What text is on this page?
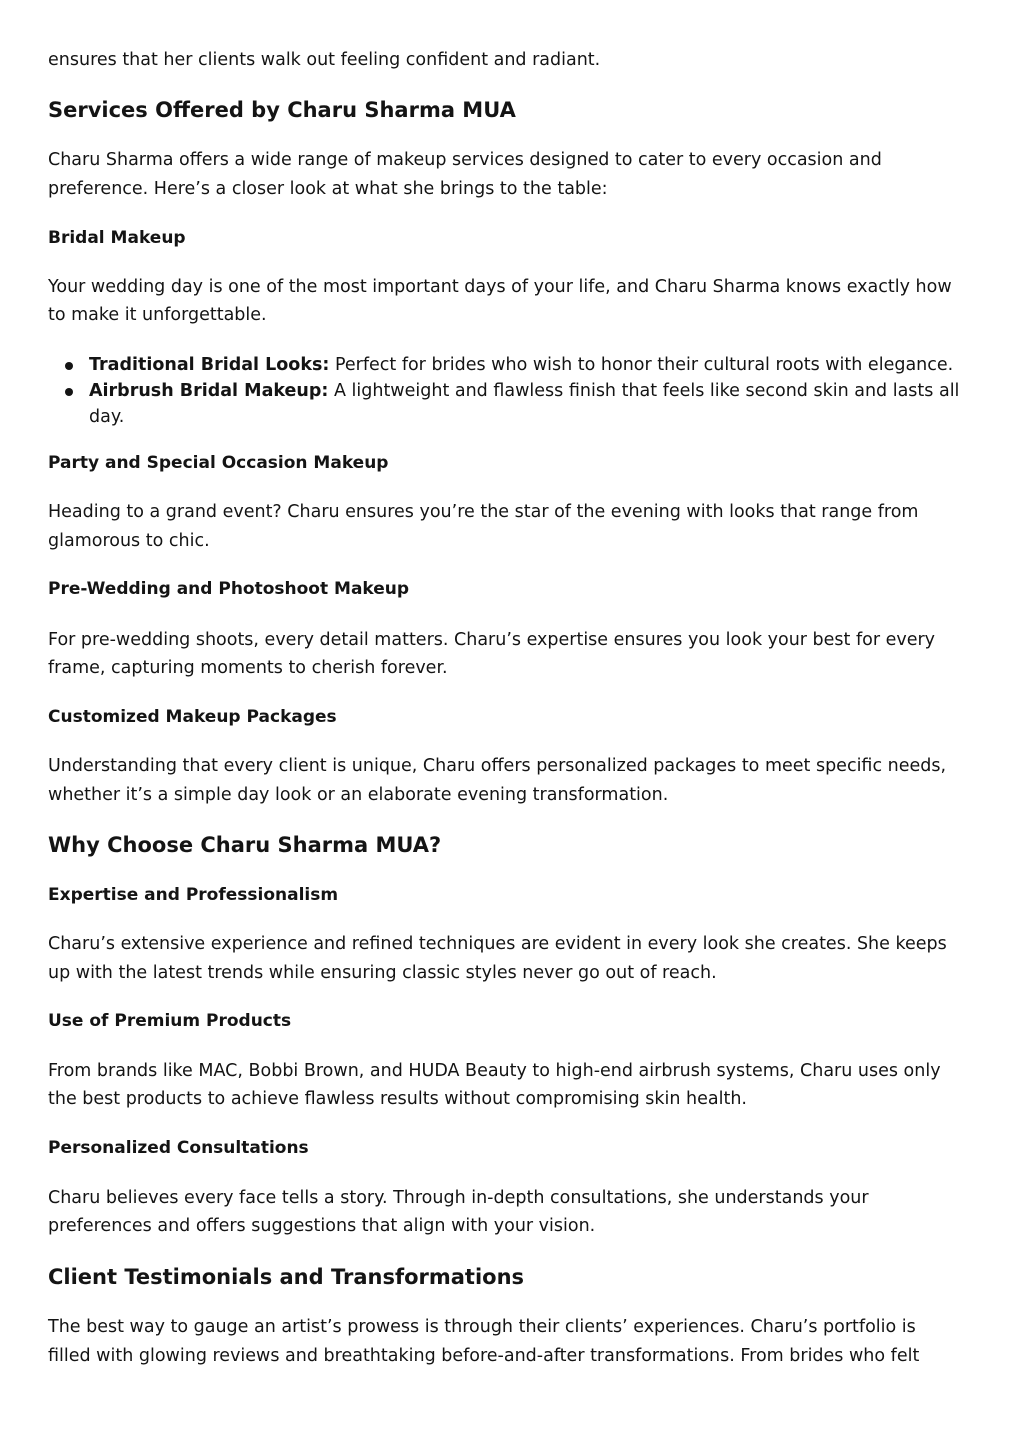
ensures that her clients walk out feeling confident and radiant.

Services Offered by Charu Sharma MUA

Charu Sharma offers a wide range of makeup services designed to cater to every occasion and

preference. Here’s a closer look at what she brings to the table:

Bridal Makeup

Your wedding day is one of the most important days of your life, and Charu Sharma knows exactly how

to make it unforgettable.

Traditional Bridal Looks: Perfect for brides who wish to honor their cultural roots with elegance.
Airbrush Bridal Makeup: A lightweight and flawless finish that feels like second skin and lasts all
day.
Party and Special Occasion Makeup

Heading to a grand event? Charu ensures you’re the star of the evening with looks that range from

glamorous to chic.

Pre-Wedding and Photoshoot Makeup

For pre-wedding shoots, every detail matters. Charu’s expertise ensures you look your best for every

frame, capturing moments to cherish forever.

Customized Makeup Packages

Understanding that every client is unique, Charu offers personalized packages to meet specific needs,

whether it’s a simple day look or an elaborate evening transformation.

Why Choose Charu Sharma MUA?
Expertise and Professionalism

Charu’s extensive experience and refined techniques are evident in every look she creates. She keeps

up with the latest trends while ensuring classic styles never go out of reach.

Use of Premium Products

From brands like MAC, Bobbi Brown, and HUDA Beauty to high-end airbrush systems, Charu uses only

the best products to achieve flawless results without compromising skin health.

Personalized Consultations

Charu believes every face tells a story. Through in-depth consultations, she understands your

preferences and offers suggestions that align with your vision.

Client Testimonials and Transformations

The best way to gauge an artist’s prowess is through their clients’ experiences. Charu’s portfolio is

filled with glowing reviews and breathtaking before-and-after transformations. From brides who felt
